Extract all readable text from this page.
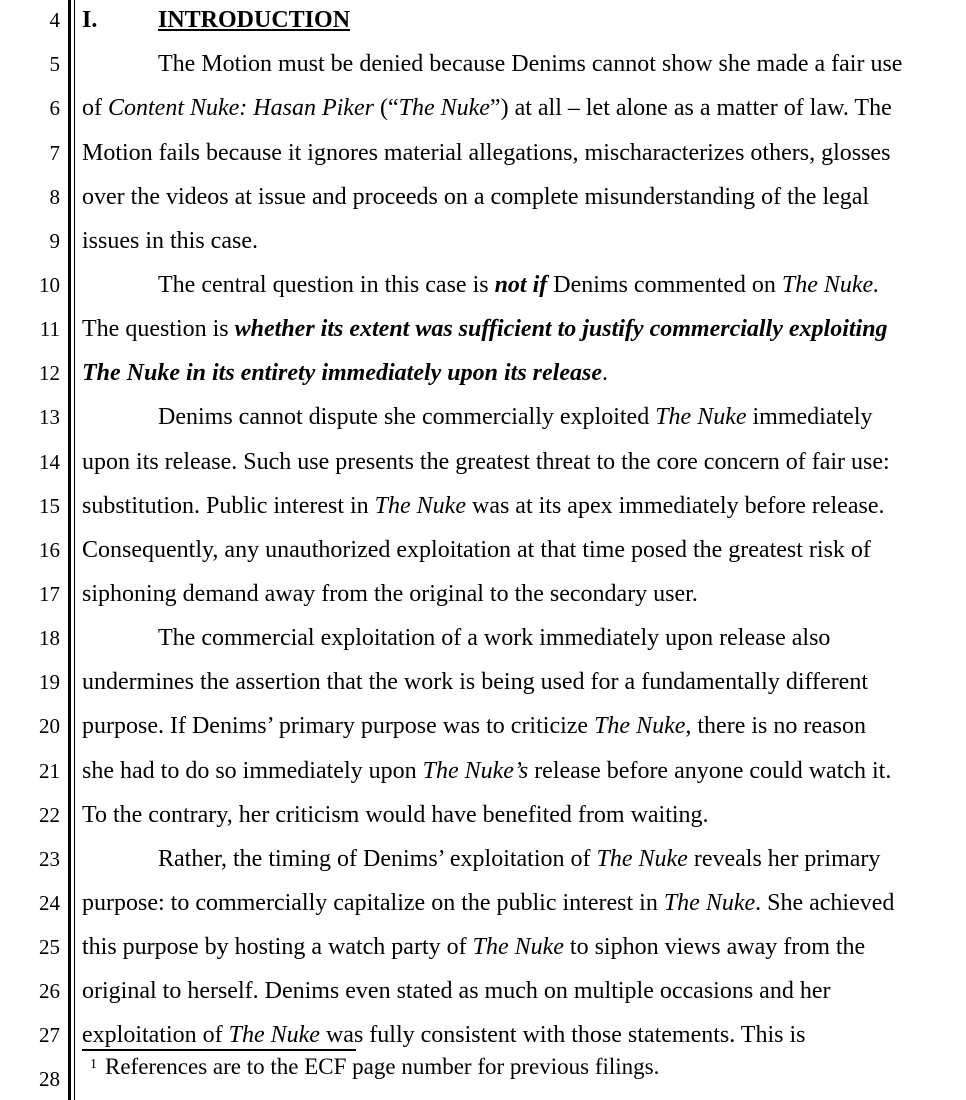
4
5
6
7
8
9
10
11
12
13
14
15
16
17
18
19
20
21
22
23
24
25
26
27
28
I.	INTRODUCTION
The Motion must be denied because Denims cannot show she made a fair use
of Content Nuke: Hasan Piker (“The Nuke”) at all – let alone as a matter of law. The
Motion fails because it ignores material allegations, mischaracterizes others, glosses
over the videos at issue and proceeds on a complete misunderstanding of the legal
issues in this case.
The central question in this case is not if Denims commented on The Nuke.
The question is whether its extent was sufficient to justify commercially exploiting
The Nuke in its entirety immediately upon its release.
Denims cannot dispute she commercially exploited The Nuke immediately
upon its release. Such use presents the greatest threat to the core concern of fair use:
substitution. Public interest in The Nuke was at its apex immediately before release.
Consequently, any unauthorized exploitation at that time posed the greatest risk of
siphoning demand away from the original to the secondary user.
The commercial exploitation of a work immediately upon release also
undermines the assertion that the work is being used for a fundamentally different
purpose. If Denims’ primary purpose was to criticize The Nuke, there is no reason
she had to do so immediately upon The Nuke’s release before anyone could watch it.
To the contrary, her criticism would have benefited from waiting.
Rather, the timing of Denims’ exploitation of The Nuke reveals her primary
purpose: to commercially capitalize on the public interest in The Nuke. She achieved
this purpose by hosting a watch party of The Nuke to siphon views away from the
original to herself. Denims even stated as much on multiple occasions and her
exploitation of The Nuke was fully consistent with those statements. This is
$^1$ References are to the ECF page number for previous filings.
